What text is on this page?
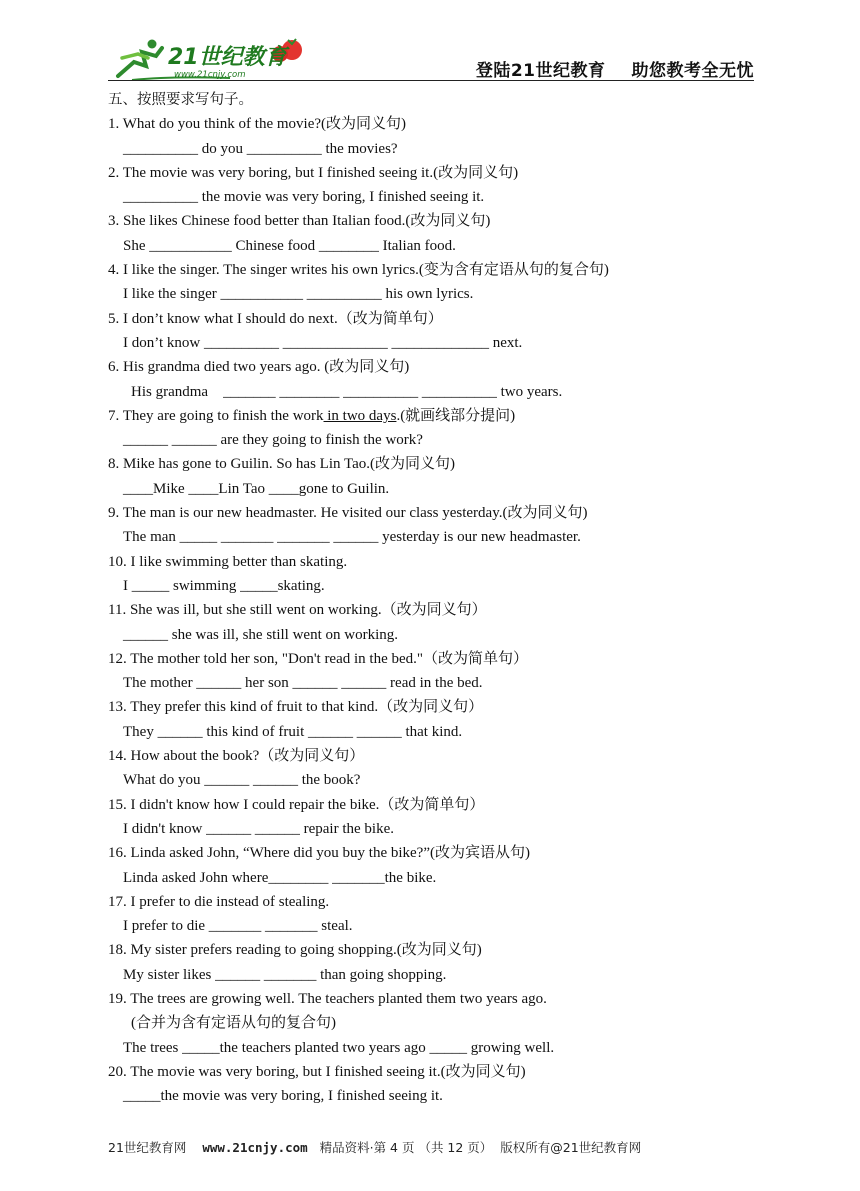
21世纪教育
www.21cnjy.com	登陆21世纪教育 助您教考全无忧
五、按照要求写句子。
1. What do you think of the movie?(改为同义句)
__________ do you __________ the movies?
2. The movie was very boring, but I finished seeing it.(改为同义句)
__________ the movie was very boring, I finished seeing it.
3. She likes Chinese food better than Italian food.(改为同义句)
She ___________ Chinese food ________ Italian food.
4. I like the singer. The singer writes his own lyrics.(变为含有定语从句的复合句)
I like the singer ___________ __________ his own lyrics.
5. I don’t know what I should do next.（改为简单句）
I don’t know __________ ______________ _____________ next.
6. His grandma died two years ago. (改为同义句)
His grandma    _______ ________ __________ __________ two years.
7. They are going to finish the work in two days.(就画线部分提问)
______ ______ are they going to finish the work?
8. Mike has gone to Guilin. So has Lin Tao.(改为同义句)
____Mike ____Lin Tao ____gone to Guilin.
9. The man is our new headmaster. He visited our class yesterday.(改为同义句)
The man _____ _______ _______ ______ yesterday is our new headmaster.
10. I like swimming better than skating.
I _____ swimming _____skating.
11. She was ill, but she still went on working.（改为同义句）
______ she was ill, she still went on working.
12. The mother told her son, "Don't read in the bed."（改为简单句）
The mother ______ her son ______ ______ read in the bed.
13. They prefer this kind of fruit to that kind.（改为同义句）
They ______ this kind of fruit ______ ______ that kind.
14. How about the book?（改为同义句）
What do you ______ ______ the book?
15. I didn't know how I could repair the bike.（改为简单句）
I didn't know ______ ______ repair the bike.
16. Linda asked John, “Where did you buy the bike?”(改为宾语从句)
Linda asked John where________ _______the bike.
17. I prefer to die instead of stealing.
I prefer to die _______ _______ steal.
18. My sister prefers reading to going shopping.(改为同义句)
My sister likes ______ _______ than going shopping.
19. The trees are growing well. The teachers planted them two years ago.
(合并为含有定语从句的复合句)
The trees _____the teachers planted two years ago _____ growing well.
20. The movie was very boring, but I finished seeing it.(改为同义句)
_____the movie was very boring, I finished seeing it.
21世纪教育网 www.21cnjy.com 精品资料·第 4 页 （共 12 页） 版权所有@21世纪教育网
